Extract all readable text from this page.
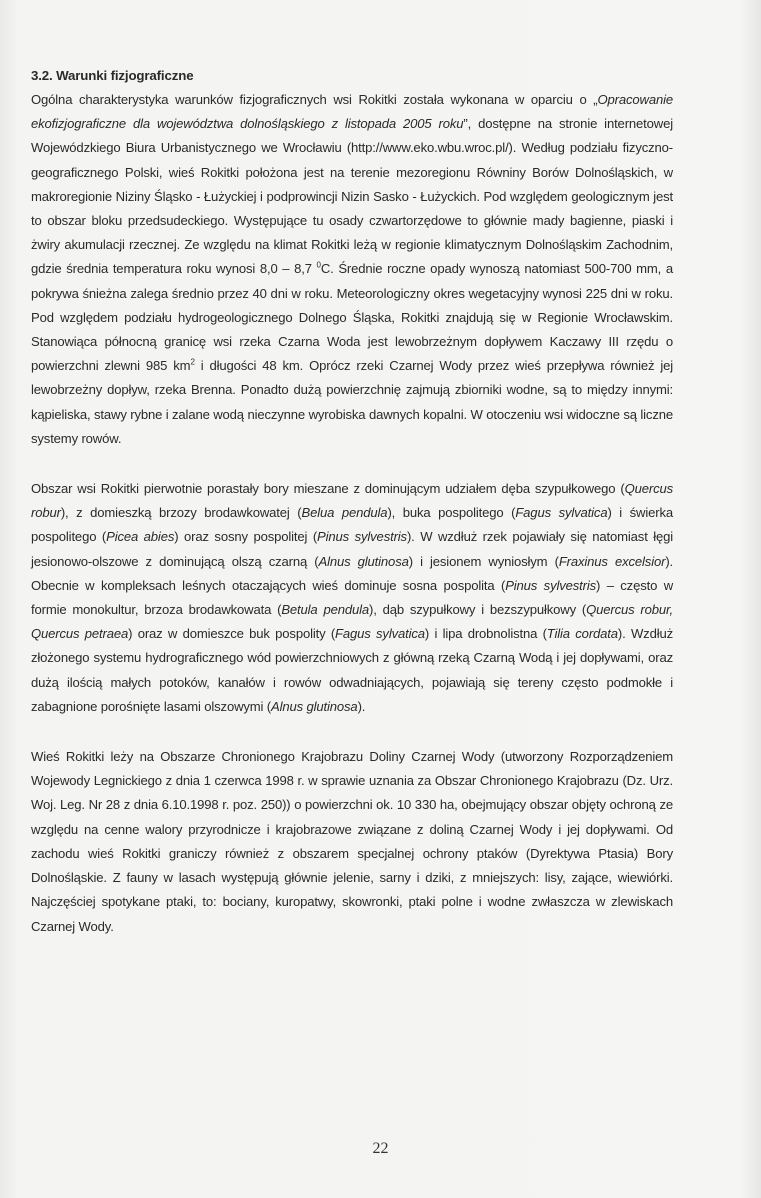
3.2. Warunki fizjograficzne

Ogólna charakterystyka warunków fizjograficznych wsi Rokitki została wykonana w oparciu o „Opracowanie ekofizjograficzne dla województwa dolnośląskiego z listopada 2005 roku”, dostępne na stronie internetowej Wojewódzkiego Biura Urbanistycznego we Wrocławiu (http://www.eko.wbu.wroc.pl/). Według podziału fizyczno-geograficznego Polski, wieś Rokitki położona jest na terenie mezoregionu Równiny Borów Dolnośląskich, w makroregionie Niziny Śląsko - Łużyckiej i podprowincji Nizin Sasko - Łużyckich. Pod względem geologicznym jest to obszar bloku przedsudeckiego. Występujące tu osady czwartorzędowe to głównie mady bagienne, piaski i żwiry akumulacji rzecznej. Ze względu na klimat Rokitki leżą w regionie klimatycznym Dolnośląskim Zachodnim, gdzie średnia temperatura roku wynosi 8,0 – 8,7 $^0$C. Średnie roczne opady wynoszą natomiast 500-700 mm, a pokrywa śnieżna zalega średnio przez 40 dni w roku. Meteorologiczny okres wegetacyjny wynosi 225 dni w roku. Pod względem podziału hydrogeologicznego Dolnego Śląska, Rokitki znajdują się w Regionie Wrocławskim. Stanowiąca północną granicę wsi rzeka Czarna Woda jest lewobrzeżnym dopływem Kaczawy III rzędu o powierzchni zlewni 985 $km^2$ i długości 48 km. Oprócz rzeki Czarnej Wody przez wieś przepływa również jej lewobrzeżny dopływ, rzeka Brenna. Ponadto dużą powierzchnię zajmują zbiorniki wodne, są to między innymi: kąpieliska, stawy rybne i zalane wodą nieczynne wyrobiska dawnych kopalni. W otoczeniu wsi widoczne są liczne systemy rowów.

Obszar wsi Rokitki pierwotnie porastały bory mieszane z dominującym udziałem dęba szypułkowego (Quercus robur), z domieszką brzozy brodawkowatej (Belua pendula), buka pospolitego (Fagus sylvatica) i świerka pospolitego (Picea abies) oraz sosny pospolitej (Pinus sylvestris). W wzdłuż rzek pojawiały się natomiast łęgi jesionowo-olszowe z dominującą olszą czarną (Alnus glutinosa) i jesionem wyniosłym (Fraxinus excelsior). Obecnie w kompleksach leśnych otaczających wieś dominuje sosna pospolita (Pinus sylvestris) – często w formie monokultur, brzoza brodawkowata (Betula pendula), dąb szypułkowy i bezszypułkowy (Quercus robur, Quercus petraea) oraz w domieszce buk pospolity (Fagus sylvatica) i lipa drobnolistna (Tilia cordata). Wzdłuż złożonego systemu hydrograficznego wód powierzchniowych z główną rzeką Czarną Wodą i jej dopływami, oraz dużą ilością małych potoków, kanałów i rowów odwadniających, pojawiają się tereny często podmokłe i zabagnione porośnięte lasami olszowymi (Alnus glutinosa).

Wieś Rokitki leży na Obszarze Chronionego Krajobrazu Doliny Czarnej Wody (utworzony Rozporządzeniem Wojewody Legnickiego z dnia 1 czerwca 1998 r. w sprawie uznania za Obszar Chronionego Krajobrazu (Dz. Urz. Woj. Leg. Nr 28 z dnia 6.10.1998 r. poz. 250)) o powierzchni ok. 10 330 ha, obejmujący obszar objęty ochroną ze względu na cenne walory przyrodnicze i krajobrazowe związane z doliną Czarnej Wody i jej dopływami. Od zachodu wieś Rokitki graniczy również z obszarem specjalnej ochrony ptaków (Dyrektywa Ptasia) Bory Dolnośląskie. Z fauny w lasach występują głównie jelenie, sarny i dziki, z mniejszych: lisy, zające, wiewiórki. Najczęściej spotykane ptaki, to: bociany, kuropatwy, skowronki, ptaki polne i wodne zwłaszcza w zlewiskach Czarnej Wody.

22
